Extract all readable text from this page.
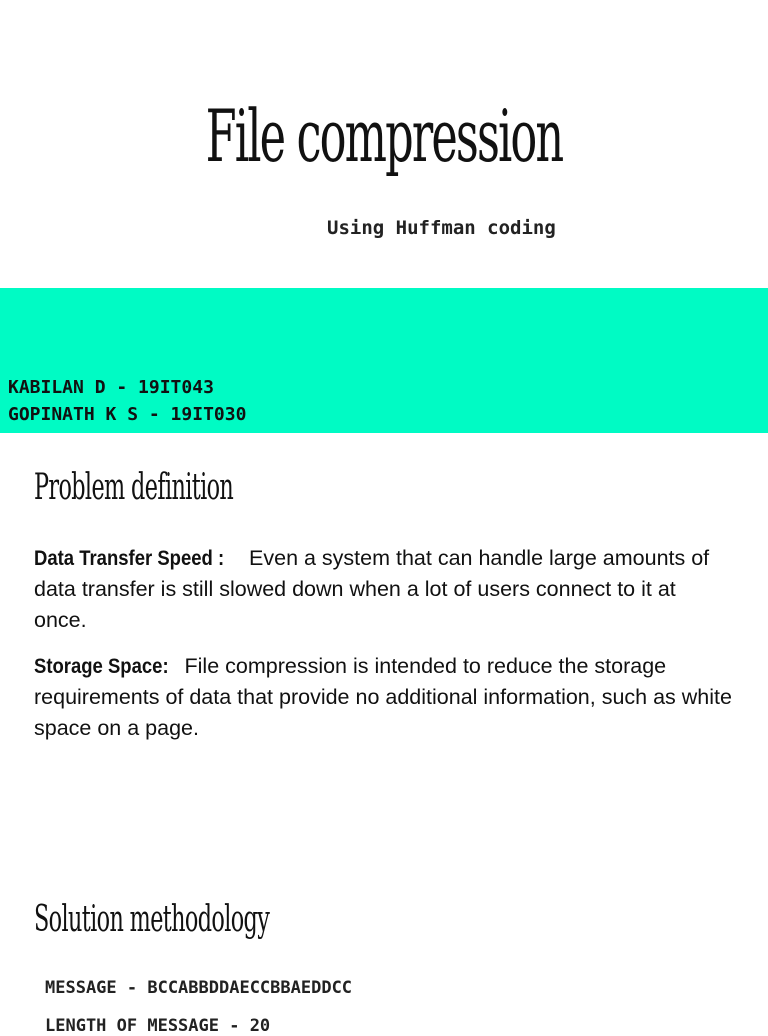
File compression
Using Huffman coding
KABILAN D - 19IT043
GOPINATH K S - 19IT030
Problem definition
Data Transfer Speed : Even a system that can handle large amounts of data transfer is still slowed down when a lot of users connect to it at once.
Storage Space: File compression is intended to reduce the storage requirements of data that provide no additional information, such as white space on a page.
Solution methodology
MESSAGE - BCCABBDDAECCBBAEDDCC
LENGTH OF MESSAGE - 20
